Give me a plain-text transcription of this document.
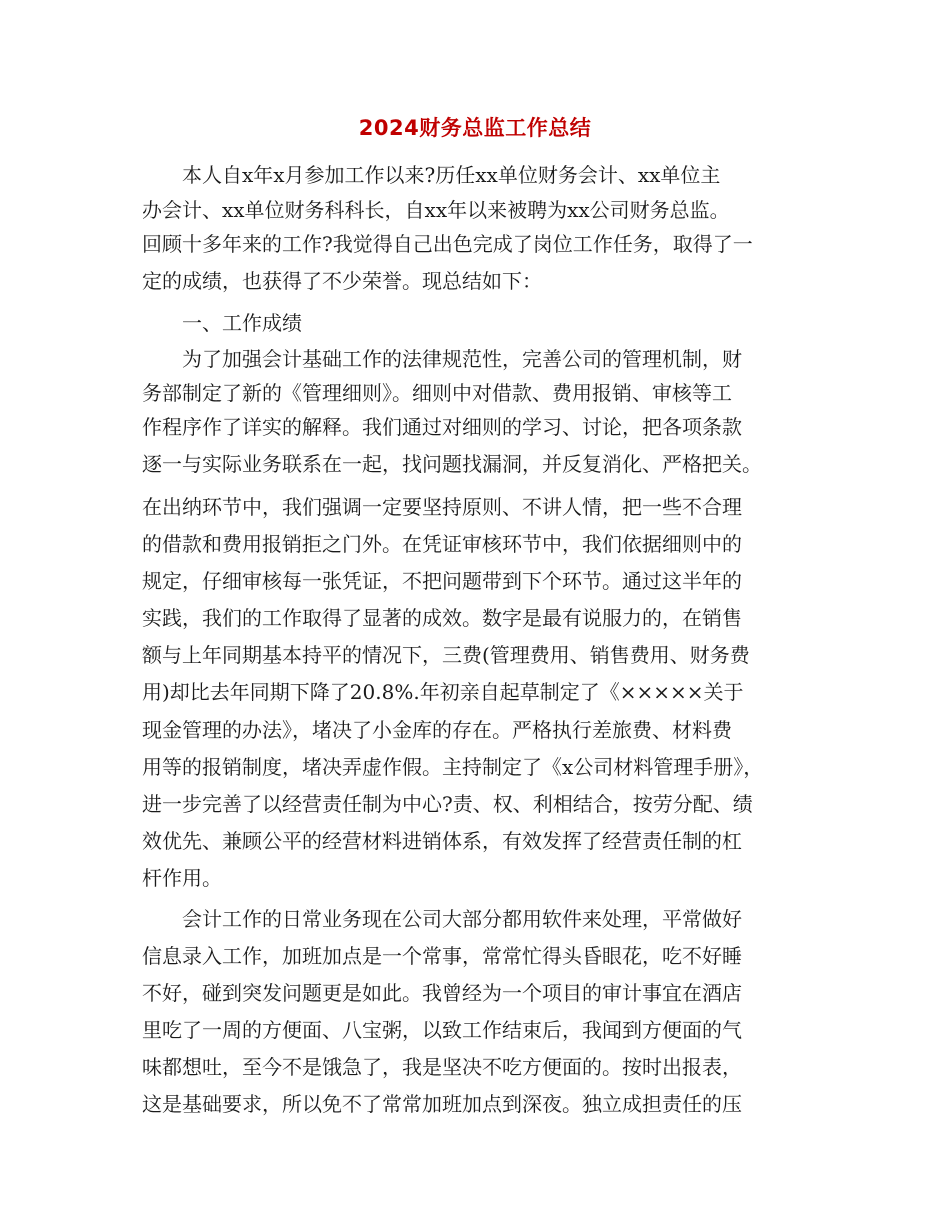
2024财务总监工作总结
　　本人自x年x月参加工作以来?历任xx单位财务会计、xx单位主
办会计、xx单位财务科科长，自xx年以来被聘为xx公司财务总监。
回顾十多年来的工作?我觉得自己出色完成了岗位工作任务，取得了一
定的成绩，也获得了不少荣誉。现总结如下：
　　一、工作成绩
　　为了加强会计基础工作的法律规范性，完善公司的管理机制，财
务部制定了新的《管理细则》。细则中对借款、费用报销、审核等工
作程序作了详实的解释。我们通过对细则的学习、讨论，把各项条款
逐一与实际业务联系在一起，找问题找漏洞，并反复消化、严格把关。
在出纳环节中，我们强调一定要坚持原则、不讲人情，把一些不合理
的借款和费用报销拒之门外。在凭证审核环节中，我们依据细则中的
规定，仔细审核每一张凭证，不把问题带到下个环节。通过这半年的
实践，我们的工作取得了显著的成效。数字是最有说服力的，在销售
额与上年同期基本持平的情况下，三费(管理费用、销售费用、财务费
用)却比去年同期下降了20.8%.年初亲自起草制定了《×××××关于
现金管理的办法》，堵决了小金库的存在。严格执行差旅费、材料费
用等的报销制度，堵决弄虚作假。主持制定了《x公司材料管理手册》，
进一步完善了以经营责任制为中心?责、权、利相结合，按劳分配、绩
效优先、兼顾公平的经营材料进销体系，有效发挥了经营责任制的杠
杆作用。
　　会计工作的日常业务现在公司大部分都用软件来处理，平常做好
信息录入工作，加班加点是一个常事，常常忙得头昏眼花，吃不好睡
不好，碰到突发问题更是如此。我曾经为一个项目的审计事宜在酒店
里吃了一周的方便面、八宝粥，以致工作结束后，我闻到方便面的气
味都想吐，至今不是饿急了，我是坚决不吃方便面的。按时出报表，
这是基础要求，所以免不了常常加班加点到深夜。独立成担责任的压
